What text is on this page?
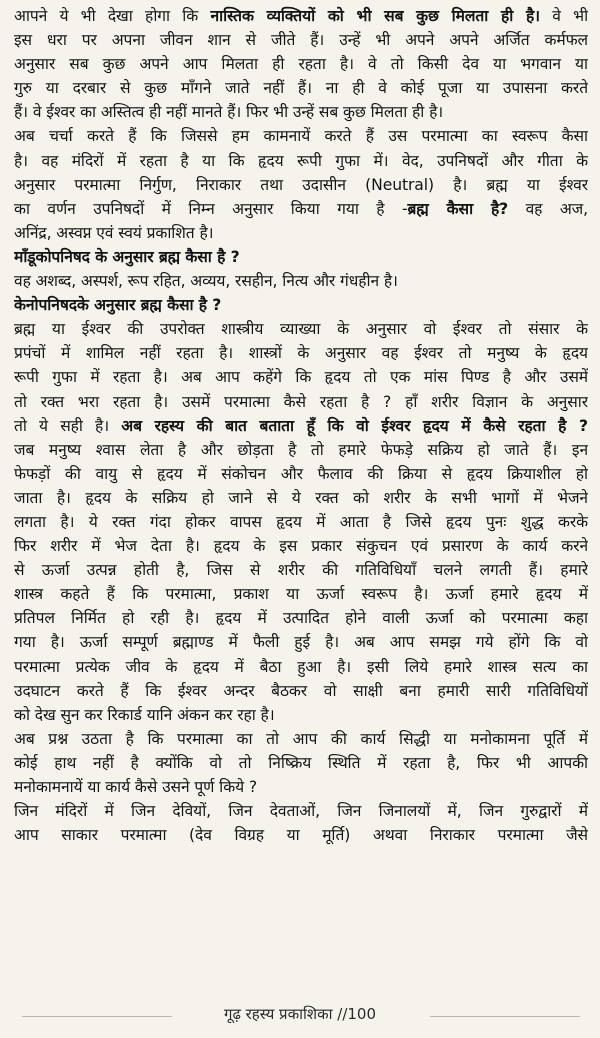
आपने ये भी देखा होगा कि नास्तिक व्यक्तियों को भी सब कुछ मिलता ही है। वे भी

इस धरा पर अपना जीवन शान से जीते हैं। उन्हें भी अपने अपने अर्जित कर्मफल

अनुसार सब कुछ अपने आप मिलता ही रहता है। वे तो किसी देव या भगवान या

गुरु या दरबार से कुछ माँगने जाते नहीं हैं। ना ही वे कोई पूजा या उपासना करते

हैं। वे ईश्वर का अस्तित्व ही नहीं मानते हैं। फिर भी उन्हें सब कुछ मिलता ही है।

अब चर्चा करते हैं कि जिससे हम कामनायें करते हैं उस परमात्मा का स्वरूप कैसा

है। वह मंदिरों में रहता है या कि हृदय रूपी गुफा में। वेद, उपनिषदों और गीता के

अनुसार परमात्मा निर्गुण, निराकार तथा उदासीन (Neutral) है। ब्रह्म या ईश्वर

का वर्णन उपनिषदों में निम्न अनुसार किया गया है -ब्रह्म कैसा है? वह अज,

अनिंद्र, अस्वप्न एवं स्वयं प्रकाशित है।

माँडूकोपनिषद के अनुसार ब्रह्म कैसा है ?

वह अशब्द, अस्पर्श, रूप रहित, अव्यय, रसहीन, नित्य और गंधहीन है।

केनोपनिषदके अनुसार ब्रह्म कैसा है ?

ब्रह्म या ईश्वर की उपरोक्त शास्त्रीय व्याख्या के अनुसार वो ईश्वर तो संसार के

प्रपंचों में शामिल नहीं रहता है। शास्त्रों के अनुसार वह ईश्वर तो मनुष्य के हृदय

रूपी गुफा में रहता है। अब आप कहेंगे कि हृदय तो एक मांस पिण्ड है और उसमें

तो रक्त भरा रहता है। उसमें परमात्मा कैसे रहता है ? हाँ शरीर विज्ञान के अनुसार

तो ये सही है। अब रहस्य की बात बताता हूँ कि वो ईश्वर हृदय में कैसे रहता है ?

जब मनुष्य श्वास लेता है और छोड़ता है तो हमारे फेफड़े सक्रिय हो जाते हैं। इन

फेफड़ों की वायु से हृदय में संकोचन और फैलाव की क्रिया से हृदय क्रियाशील हो

जाता है। हृदय के सक्रिय हो जाने से ये रक्त को शरीर के सभी भागों में भेजने

लगता है। ये रक्त गंदा होकर वापस हृदय में आता है जिसे हृदय पुनः शुद्ध करके

फिर शरीर में भेज देता है। हृदय के इस प्रकार संकुचन एवं प्रसारण के कार्य करने

से ऊर्जा उत्पन्न होती है, जिस से शरीर की गतिविधियाँ चलने लगती हैं। हमारे

शास्त्र कहते हैं कि परमात्मा, प्रकाश या ऊर्जा स्वरूप है। ऊर्जा हमारे हृदय में

प्रतिपल निर्मित हो रही है। हृदय में उत्पादित होने वाली ऊर्जा को परमात्मा कहा

गया है। ऊर्जा सम्पूर्ण ब्रह्माण्ड में फैली हुई है। अब आप समझ गये होंगे कि वो

परमात्मा प्रत्येक जीव के हृदय में बैठा हुआ है। इसी लिये हमारे शास्त्र सत्य का

उदघाटन करते हैं कि ईश्वर अन्दर बैठकर वो साक्षी बना हमारी सारी गतिविधियों

को देख सुन कर रिकार्ड यानि अंकन कर रहा है।

अब प्रश्न उठता है कि परमात्मा का तो आप की कार्य सिद्धी या मनोकामना पूर्ति में

कोई हाथ नहीं है क्योंकि वो तो निष्क्रिय स्थिति में रहता है, फिर भी आपकी

मनोकामनायें या कार्य कैसे उसने पूर्ण किये ?

जिन मंदिरों में जिन देवियों, जिन देवताओं, जिन जिनालयों में, जिन गुरुद्वारों में

आप साकार परमात्मा (देव विग्रह या मूर्ति) अथवा निराकार परमात्मा जैसे

गूढ़ रहस्य प्रकाशिका //100
